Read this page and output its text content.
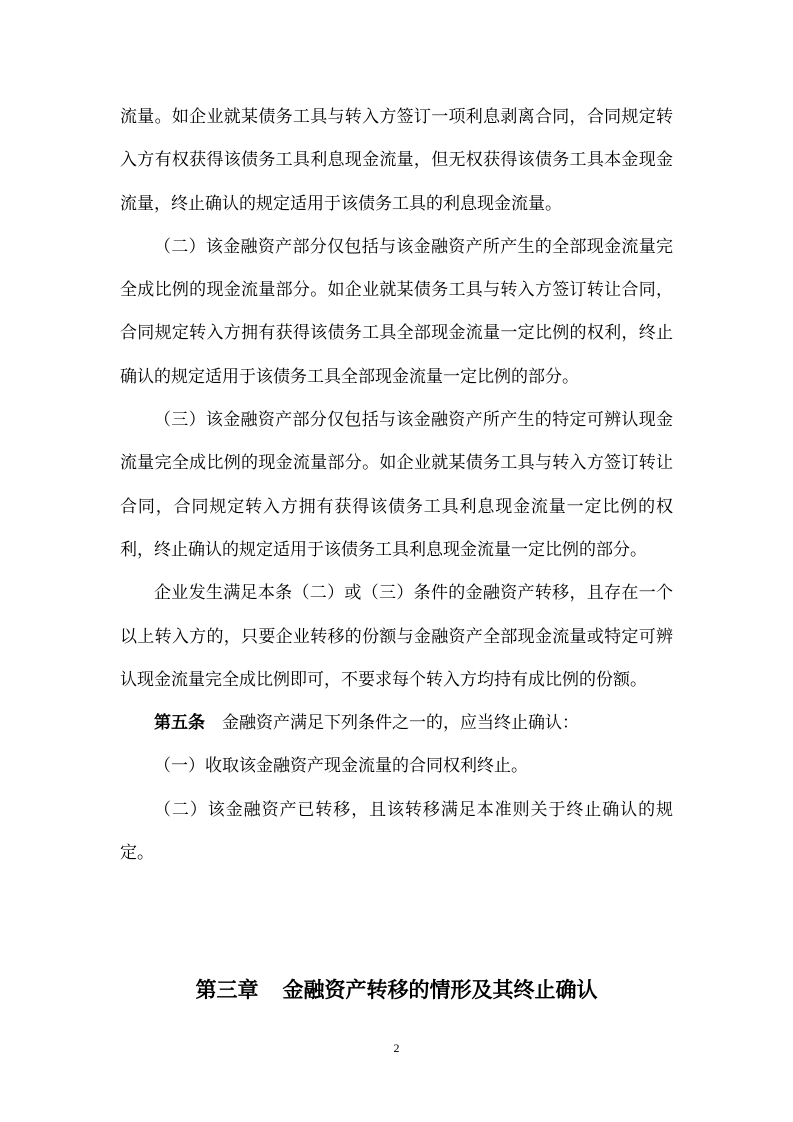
流量。如企业就某债务工具与转入方签订一项利息剥离合同，合同规定转入方有权获得该债务工具利息现金流量，但无权获得该债务工具本金现金流量，终止确认的规定适用于该债务工具的利息现金流量。

（二）该金融资产部分仅包括与该金融资产所产生的全部现金流量完全成比例的现金流量部分。如企业就某债务工具与转入方签订转让合同，合同规定转入方拥有获得该债务工具全部现金流量一定比例的权利，终止确认的规定适用于该债务工具全部现金流量一定比例的部分。

（三）该金融资产部分仅包括与该金融资产所产生的特定可辨认现金流量完全成比例的现金流量部分。如企业就某债务工具与转入方签订转让合同，合同规定转入方拥有获得该债务工具利息现金流量一定比例的权利，终止确认的规定适用于该债务工具利息现金流量一定比例的部分。

企业发生满足本条（二）或（三）条件的金融资产转移，且存在一个以上转入方的，只要企业转移的份额与金融资产全部现金流量或特定可辨认现金流量完全成比例即可，不要求每个转入方均持有成比例的份额。

第五条 金融资产满足下列条件之一的，应当终止确认：

（一）收取该金融资产现金流量的合同权利终止。

（二）该金融资产已转移，且该转移满足本准则关于终止确认的规定。

第三章 金融资产转移的情形及其终止确认
2
